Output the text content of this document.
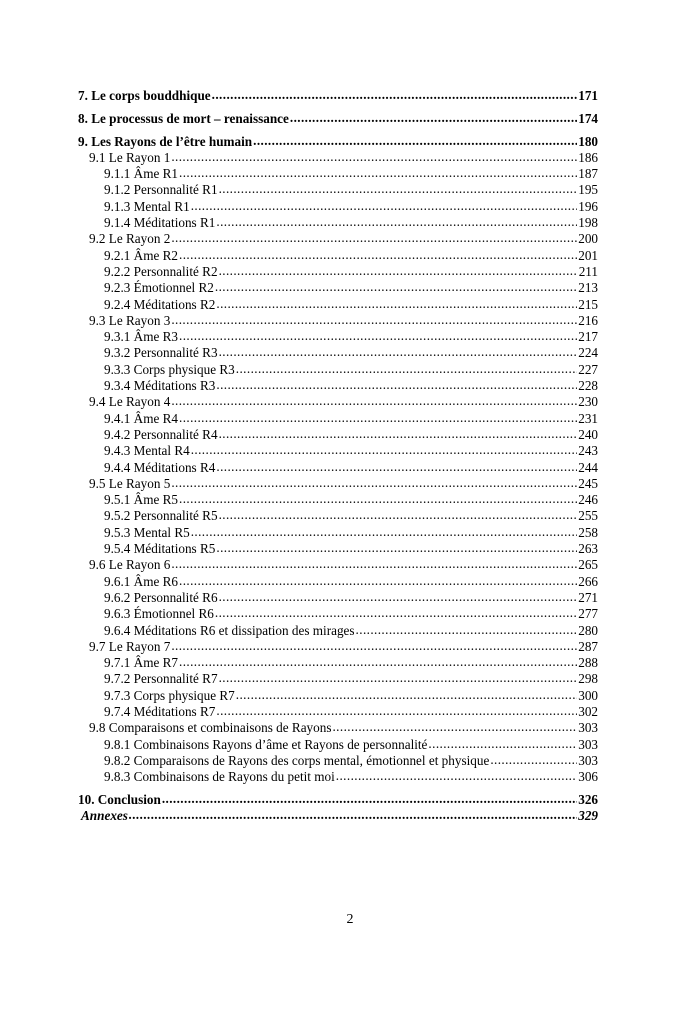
7. Le corps bouddhique .....	171
8. Le processus de mort – renaissance .....	174
9. Les Rayons de l’être humain .....	180
9.1 Le Rayon 1 .....	186
9.1.1 Âme R1 .....	187
9.1.2 Personnalité R1 .....	195
9.1.3 Mental R1 .....	196
9.1.4 Méditations R1 .....	198
9.2 Le Rayon 2 .....	200
9.2.1 Âme R2 .....	201
9.2.2 Personnalité R2 .....	211
9.2.3 Émotionnel R2 .....	213
9.2.4 Méditations R2 .....	215
9.3 Le Rayon 3 .....	216
9.3.1 Âme R3 .....	217
9.3.2 Personnalité R3 .....	224
9.3.3 Corps physique R3 .....	227
9.3.4 Méditations R3 .....	228
9.4 Le Rayon 4 .....	230
9.4.1 Âme R4 .....	231
9.4.2 Personnalité R4 .....	240
9.4.3 Mental R4 .....	243
9.4.4 Méditations R4 .....	244
9.5 Le Rayon 5 .....	245
9.5.1 Âme R5 .....	246
9.5.2 Personnalité R5 .....	255
9.5.3 Mental R5 .....	258
9.5.4 Méditations R5 .....	263
9.6 Le Rayon 6 .....	265
9.6.1 Âme R6 .....	266
9.6.2 Personnalité R6 .....	271
9.6.3 Émotionnel R6 .....	277
9.6.4 Méditations R6 et dissipation des mirages .....	280
9.7 Le Rayon 7 .....	287
9.7.1 Âme R7 .....	288
9.7.2 Personnalité R7 .....	298
9.7.3 Corps physique R7 .....	300
9.7.4 Méditations R7 .....	302
9.8 Comparaisons et combinaisons de Rayons .....	303
9.8.1 Combinaisons Rayons d’âme et Rayons de personnalité .....	303
9.8.2 Comparaisons de Rayons des corps mental, émotionnel et physique .....	303
9.8.3 Combinaisons de Rayons du petit moi .....	306
10. Conclusion .....	326
Annexes .....	329
2
